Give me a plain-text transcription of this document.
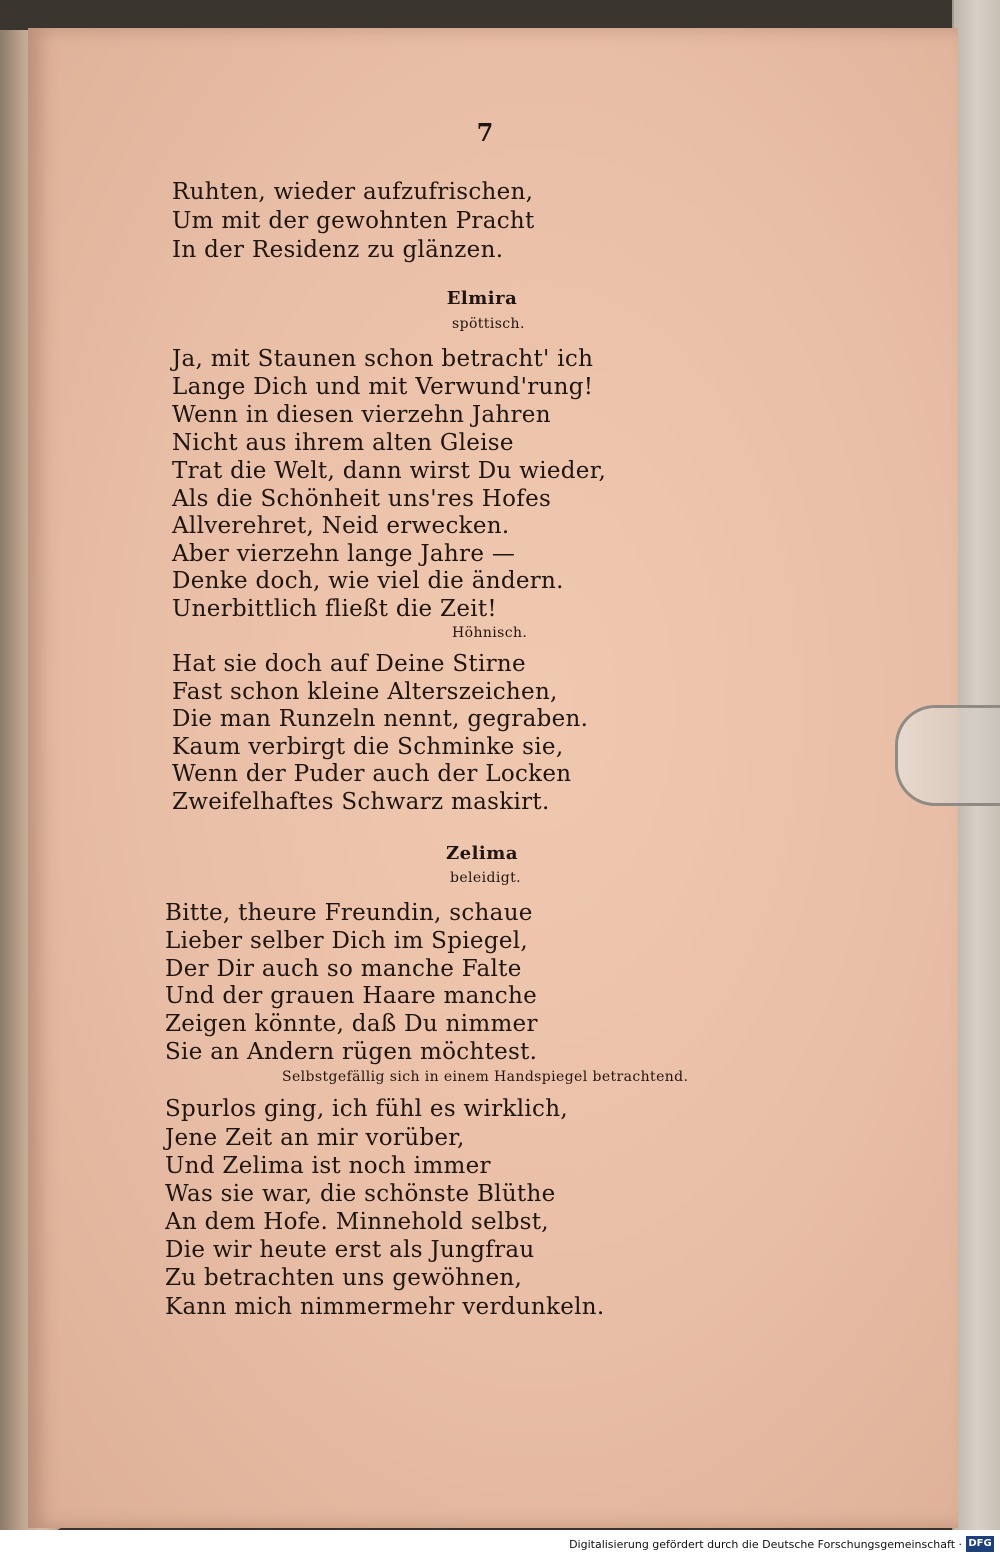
7
Ruhten, wieder aufzufrischen,
Um mit der gewohnten Pracht
In der Residenz zu glänzen.
Elmira
spöttisch.
Ja, mit Staunen schon betracht' ich
Lange Dich und mit Verwund'rung!
Wenn in diesen vierzehn Jahren
Nicht aus ihrem alten Gleise
Trat die Welt, dann wirst Du wieder,
Als die Schönheit uns'res Hofes
Allverehret, Neid erwecken.
Aber vierzehn lange Jahre —
Denke doch, wie viel die ändern.
Unerbittlich fließt die Zeit!
Höhnisch.
Hat sie doch auf Deine Stirne
Fast schon kleine Alterszeichen,
Die man Runzeln nennt, gegraben.
Kaum verbirgt die Schminke sie,
Wenn der Puder auch der Locken
Zweifelhaftes Schwarz maskirt.
Zelima
beleidigt.
Bitte, theure Freundin, schaue
Lieber selber Dich im Spiegel,
Der Dir auch so manche Falte
Und der grauen Haare manche
Zeigen könnte, daß Du nimmer
Sie an Andern rügen möchtest.
Selbstgefällig sich in einem Handspiegel betrachtend.
Spurlos ging, ich fühl es wirklich,
Jene Zeit an mir vorüber,
Und Zelima ist noch immer
Was sie war, die schönste Blüthe
An dem Hofe. Minnehold selbst,
Die wir heute erst als Jungfrau
Zu betrachten uns gewöhnen,
Kann mich nimmermehr verdunkeln.
Digitalisierung gefördert durch die Deutsche Forschungsgemeinschaft · DFG
